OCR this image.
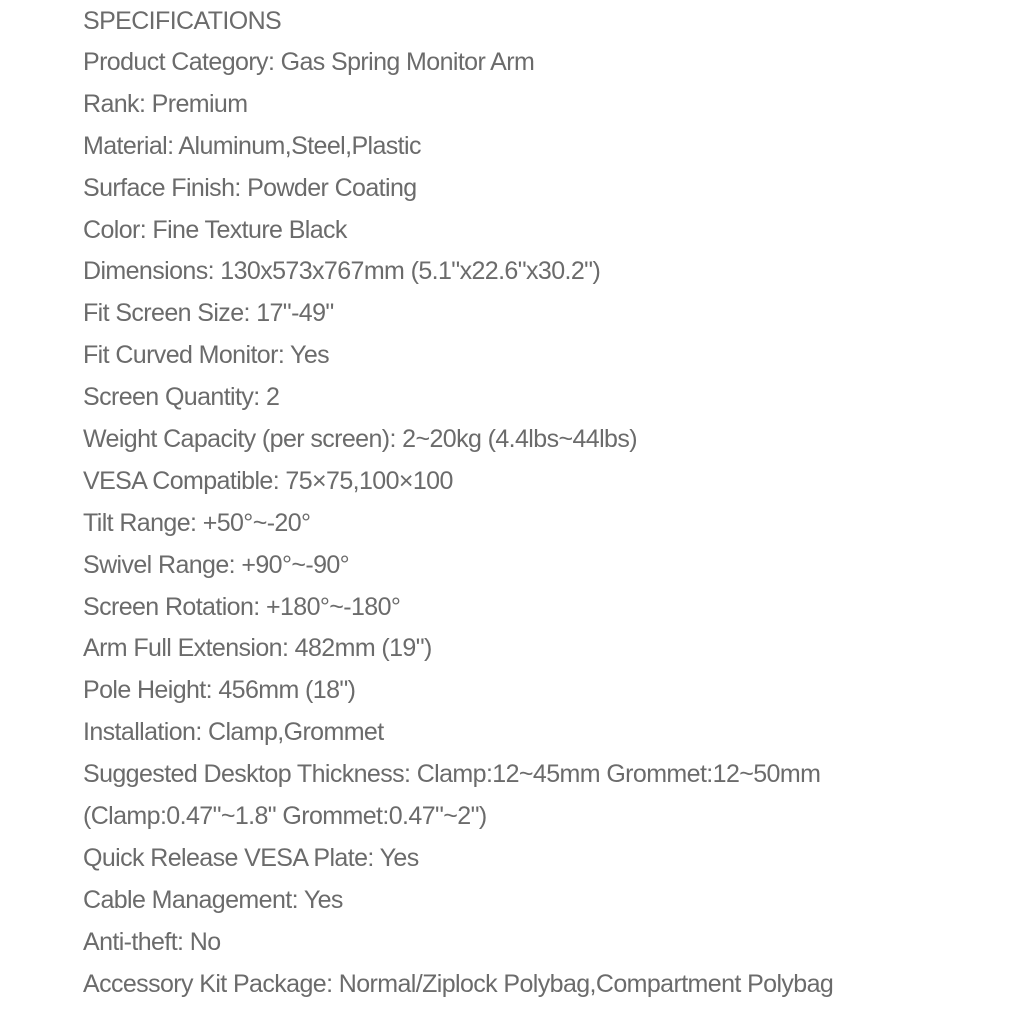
SPECIFICATIONS
Product Category: Gas Spring Monitor Arm
Rank: Premium
Material: Aluminum,Steel,Plastic
Surface Finish: Powder Coating
Color: Fine Texture Black
Dimensions: 130x573x767mm (5.1"x22.6"x30.2")
Fit Screen Size: 17"-49"
Fit Curved Monitor: Yes
Screen Quantity: 2
Weight Capacity (per screen): 2~20kg (4.4lbs~44lbs)
VESA Compatible: 75×75,100×100
Tilt Range: +50°~-20°
Swivel Range: +90°~-90°
Screen Rotation: +180°~-180°
Arm Full Extension: 482mm (19")
Pole Height: 456mm (18")
Installation: Clamp,Grommet
Suggested Desktop Thickness: Clamp:12~45mm Grommet:12~50mm
(Clamp:0.47"~1.8" Grommet:0.47"~2")
Quick Release VESA Plate: Yes
Cable Management: Yes
Anti-theft: No
Accessory Kit Package: Normal/Ziplock Polybag,Compartment Polybag
